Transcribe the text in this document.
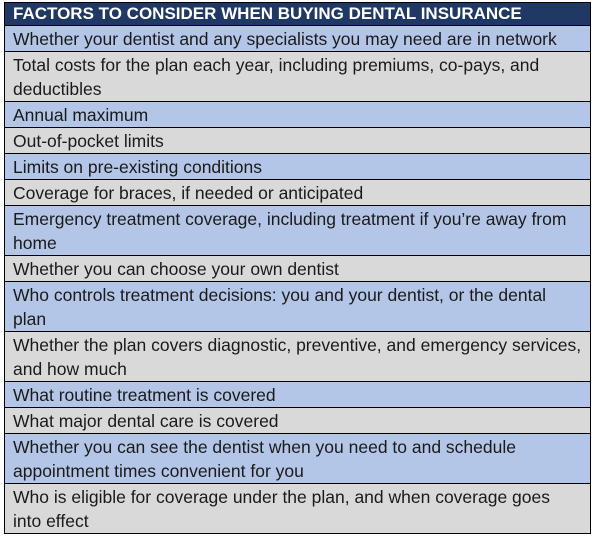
FACTORS TO CONSIDER WHEN BUYING DENTAL INSURANCE
Whether your dentist and any specialists you may need are in network
Total costs for the plan each year, including premiums, co-pays, and deductibles
Annual maximum
Out-of-pocket limits
Limits on pre-existing conditions
Coverage for braces, if needed or anticipated
Emergency treatment coverage, including treatment if you’re away from home
Whether you can choose your own dentist
Who controls treatment decisions: you and your dentist, or the dental plan
Whether the plan covers diagnostic, preventive, and emergency services, and how much
What routine treatment is covered
What major dental care is covered
Whether you can see the dentist when you need to and schedule appointment times convenient for you
Who is eligible for coverage under the plan, and when coverage goes into effect
